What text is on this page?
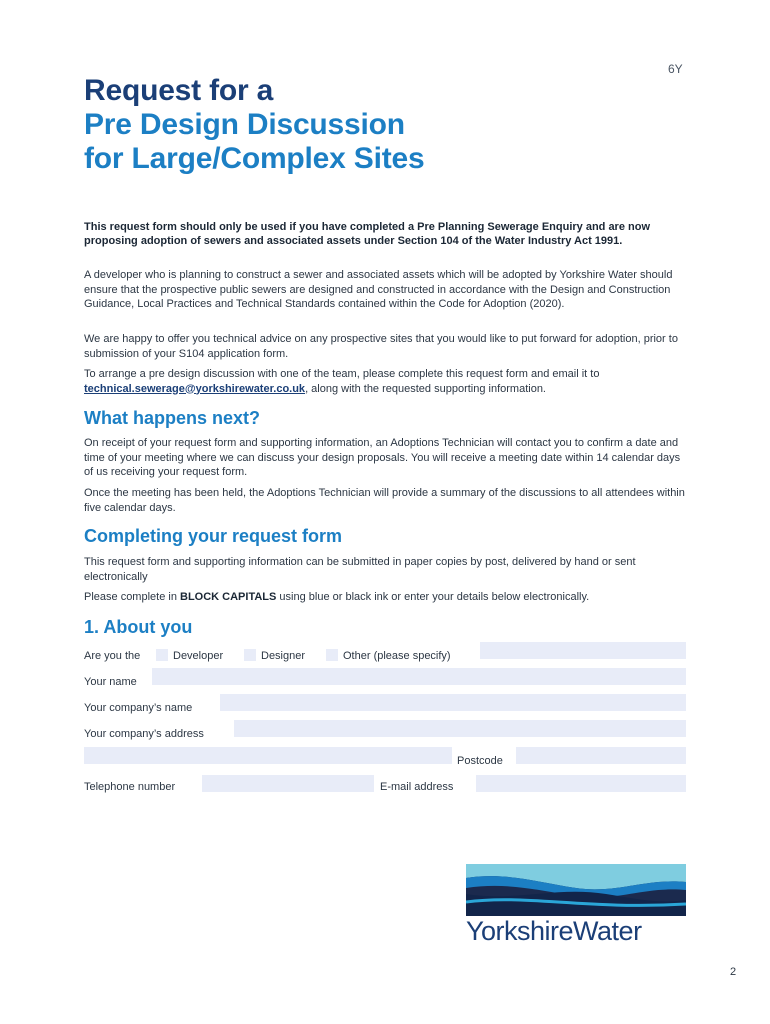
6Y
Request for a
Pre Design Discussion
for Large/Complex Sites
This request form should only be used if you have completed a Pre Planning Sewerage Enquiry and are now proposing adoption of sewers and associated assets under Section 104 of the Water Industry Act 1991.
A developer who is planning to construct a sewer and associated assets which will be adopted by Yorkshire Water should ensure that the prospective public sewers are designed and constructed in accordance with the Design and Construction Guidance, Local Practices and Technical Standards contained within the Code for Adoption (2020).
We are happy to offer you technical advice on any prospective sites that you would like to put forward for adoption, prior to submission of your S104 application form.
To arrange a pre design discussion with one of the team, please complete this request form and email it to technical.sewerage@yorkshirewater.co.uk, along with the requested supporting information.
What happens next?
On receipt of your request form and supporting information, an Adoptions Technician will contact you to confirm a date and time of your meeting where we can discuss your design proposals. You will receive a meeting date within 14 calendar days of us receiving your request form.
Once the meeting has been held, the Adoptions Technician will provide a summary of the discussions to all attendees within five calendar days.
Completing your request form
This request form and supporting information can be submitted in paper copies by post, delivered by hand or sent electronically
Please complete in BLOCK CAPITALS using blue or black ink or enter your details below electronically.
1. About you
Are you the	Developer	Designer	Other (please specify)
Your name
Your company’s name
Your company’s address
Postcode
Telephone number	E-mail address
YorkshireWater
2
